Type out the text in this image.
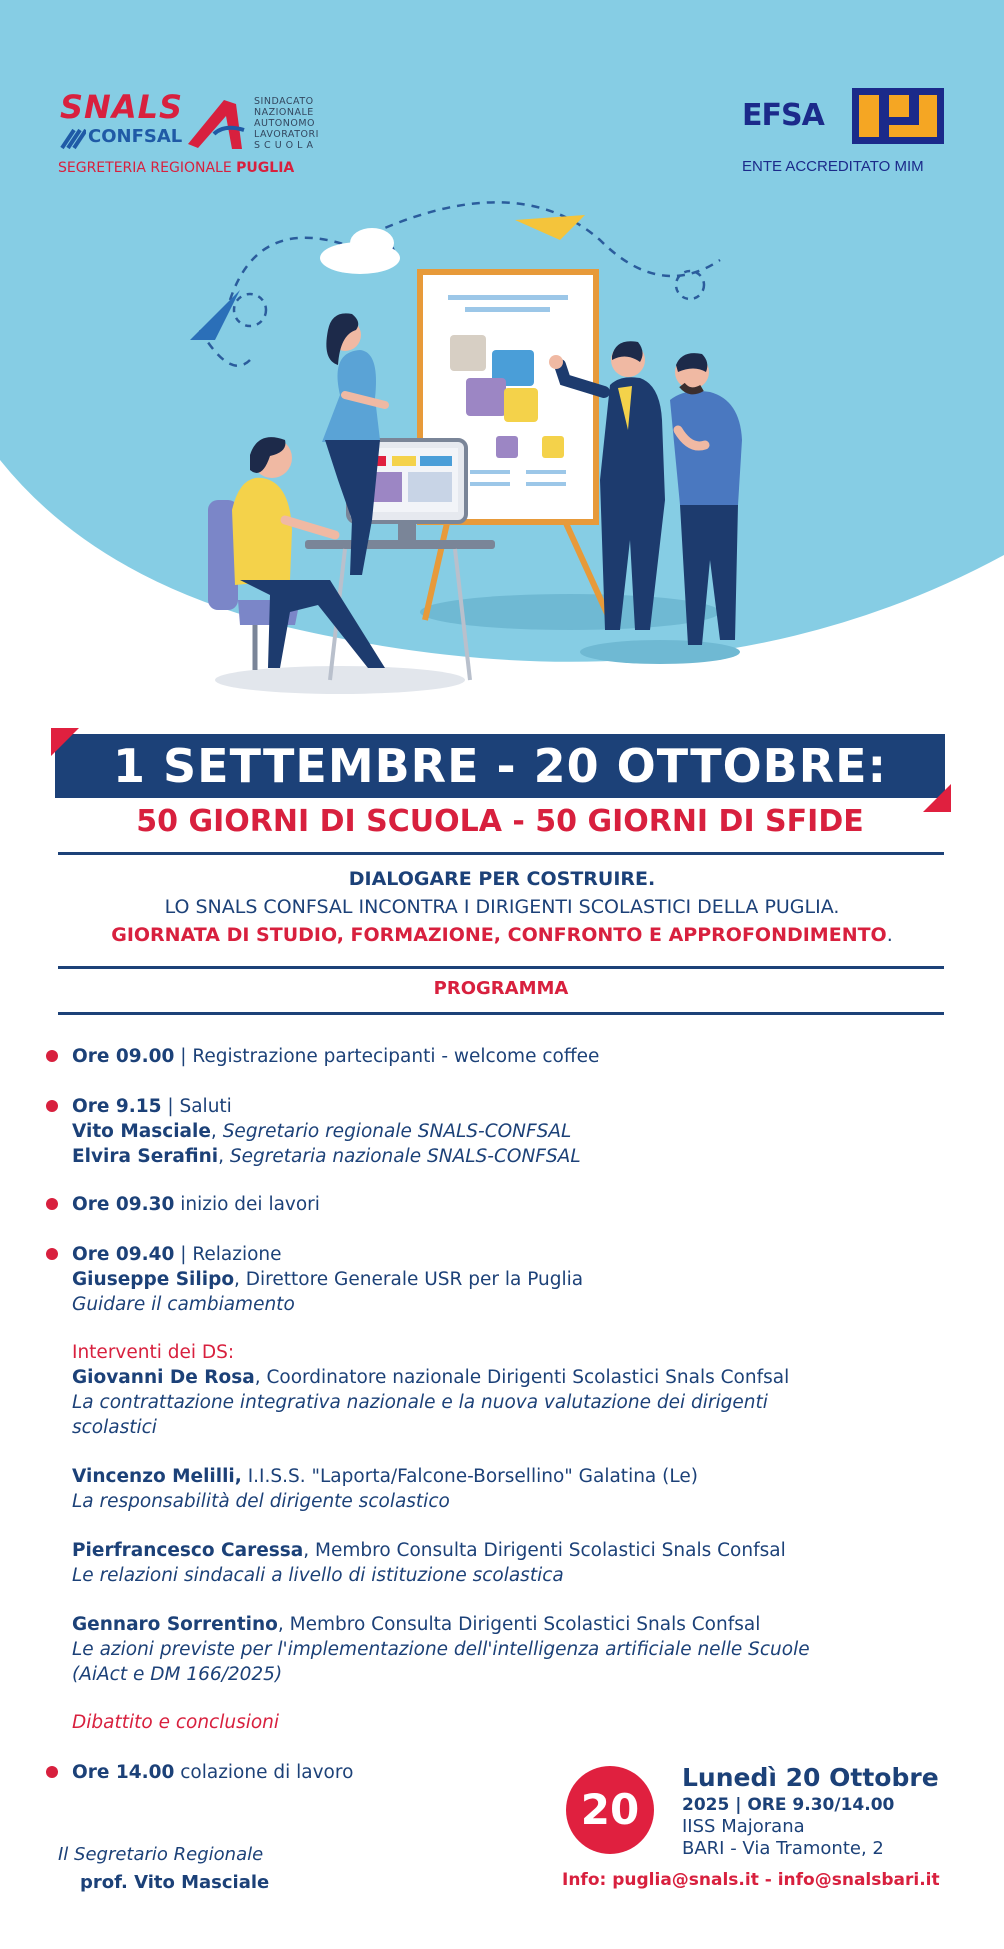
SNALS
CONFSAL
SINDACATO
NAZIONALE
AUTONOMO
LAVORATORI
S C U O L A
SEGRETERIA REGIONALE PUGLIA
EFSA
ENTE ACCREDITATO MIM
1 SETTEMBRE - 20 OTTOBRE:
50 GIORNI DI SCUOLA - 50 GIORNI DI SFIDE
DIALOGARE PER COSTRUIRE.
LO SNALS CONFSAL INCONTRA I DIRIGENTI SCOLASTICI DELLA PUGLIA.
GIORNATA DI STUDIO, FORMAZIONE, CONFRONTO E APPROFONDIMENTO.
PROGRAMMA
Ore 09.00 | Registrazione partecipanti - welcome coffee
Ore 9.15 | Saluti
Vito Masciale, Segretario regionale SNALS-CONFSAL
Elvira Serafini, Segretaria nazionale SNALS-CONFSAL
Ore 09.30 inizio dei lavori
Ore 09.40 | Relazione
Giuseppe Silipo, Direttore Generale USR per la Puglia
Guidare il cambiamento
Interventi dei DS:
Giovanni De Rosa, Coordinatore nazionale Dirigenti Scolastici Snals Confsal
La contrattazione integrativa nazionale e la nuova valutazione dei dirigenti
scolastici
Vincenzo Melilli, I.I.S.S. "Laporta/Falcone-Borsellino" Galatina (Le)
La responsabilità del dirigente scolastico
Pierfrancesco Caressa, Membro Consulta Dirigenti Scolastici Snals Confsal
Le relazioni sindacali a livello di istituzione scolastica
Gennaro Sorrentino, Membro Consulta Dirigenti Scolastici Snals Confsal
Le azioni previste per l'implementazione dell'intelligenza artificiale nelle Scuole
(AiAct e DM 166/2025)
Dibattito e conclusioni
Ore 14.00 colazione di lavoro
20
Lunedì 20 Ottobre
2025 | ORE 9.30/14.00
IISS Majorana
BARI - Via Tramonte, 2
Info: puglia@snals.it - info@snalsbari.it
Il Segretario Regionale
prof. Vito Masciale
